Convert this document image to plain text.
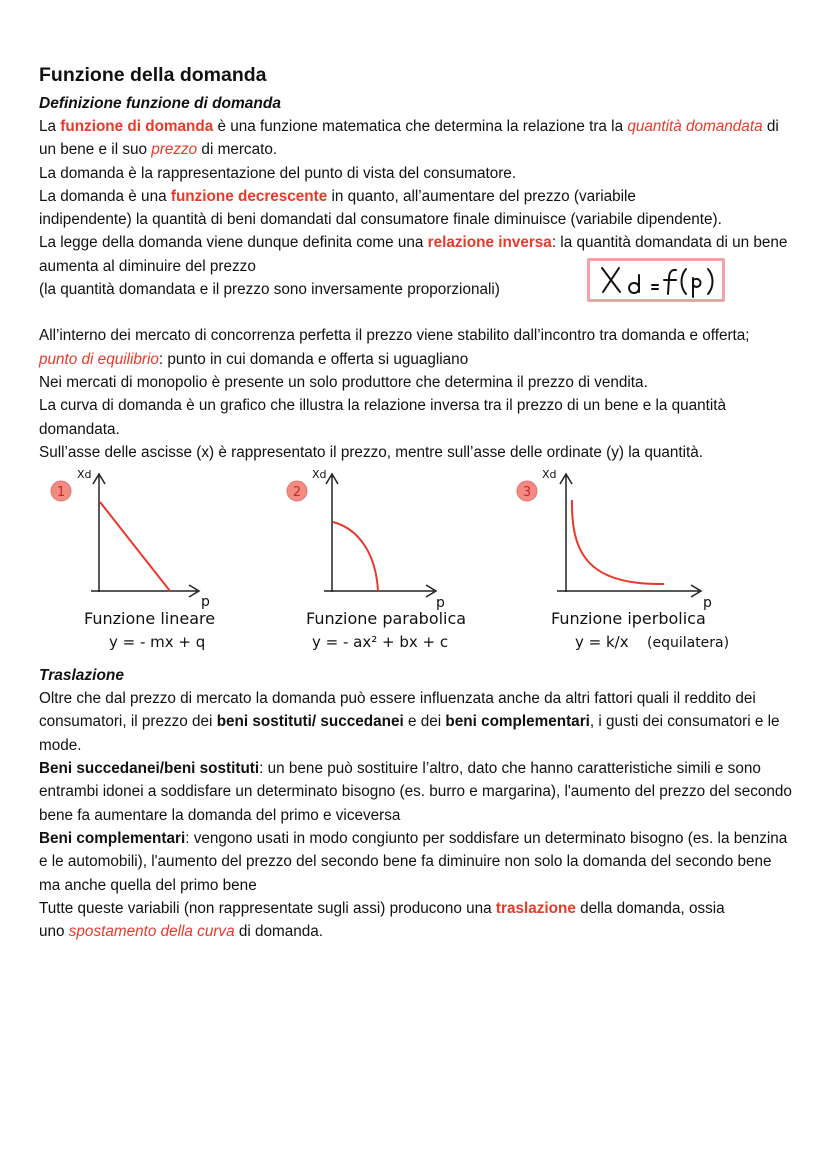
Funzione della domanda
Definizione funzione di domanda

La funzione di domanda è una funzione matematica che determina la relazione tra la quantità domandata di un bene e il suo prezzo di mercato.

La domanda è la rappresentazione del punto di vista del consumatore.

La domanda è una funzione decrescente in quanto, all’aumentare del prezzo (variabile indipendente) la quantità di beni domandati dal consumatore finale diminuisce (variabile dipendente).

La legge della domanda viene dunque definita come una relazione inversa: la quantità domandata di un bene aumenta al diminuire del prezzo

(la quantità domandata e il prezzo sono inversamente proporzionali)

All’interno dei mercato di concorrenza perfetta il prezzo viene stabilito dall’incontro tra domanda e offerta; punto di equilibrio: punto in cui domanda e offerta si uguagliano

Nei mercati di monopolio è presente un solo produttore che determina il prezzo di vendita.

La curva di domanda è un grafico che illustra la relazione inversa tra il prezzo di un bene e la quantità domandata.

Sull’asse delle ascisse (x) è rappresentato il prezzo, mentre sull’asse delle ordinate (y) la quantità.

1
Xd
p
Funzione lineare
y = - mx + q
2
Xd
p
Funzione parabolica
y = - ax² + bx + c
3
Xd
p
Funzione iperbolica
y = k/x (equilatera)
Traslazione

Oltre che dal prezzo di mercato la domanda può essere influenzata anche da altri fattori quali il reddito dei consumatori, il prezzo dei beni sostituti/ succedanei e dei beni complementari, i gusti dei consumatori e le mode.

Beni succedanei/beni sostituti: un bene può sostituire l’altro, dato che hanno caratteristiche simili e sono entrambi idonei a soddisfare un determinato bisogno (es. burro e margarina), l'aumento del prezzo del secondo bene fa aumentare la domanda del primo e viceversa

Beni complementari: vengono usati in modo congiunto per soddisfare un determinato bisogno (es. la benzina e le automobili), l'aumento del prezzo del secondo bene fa diminuire non solo la domanda del secondo bene ma anche quella del primo bene

Tutte queste variabili (non rappresentate sugli assi) producono una traslazione della domanda, ossia uno spostamento della curva di domanda.
